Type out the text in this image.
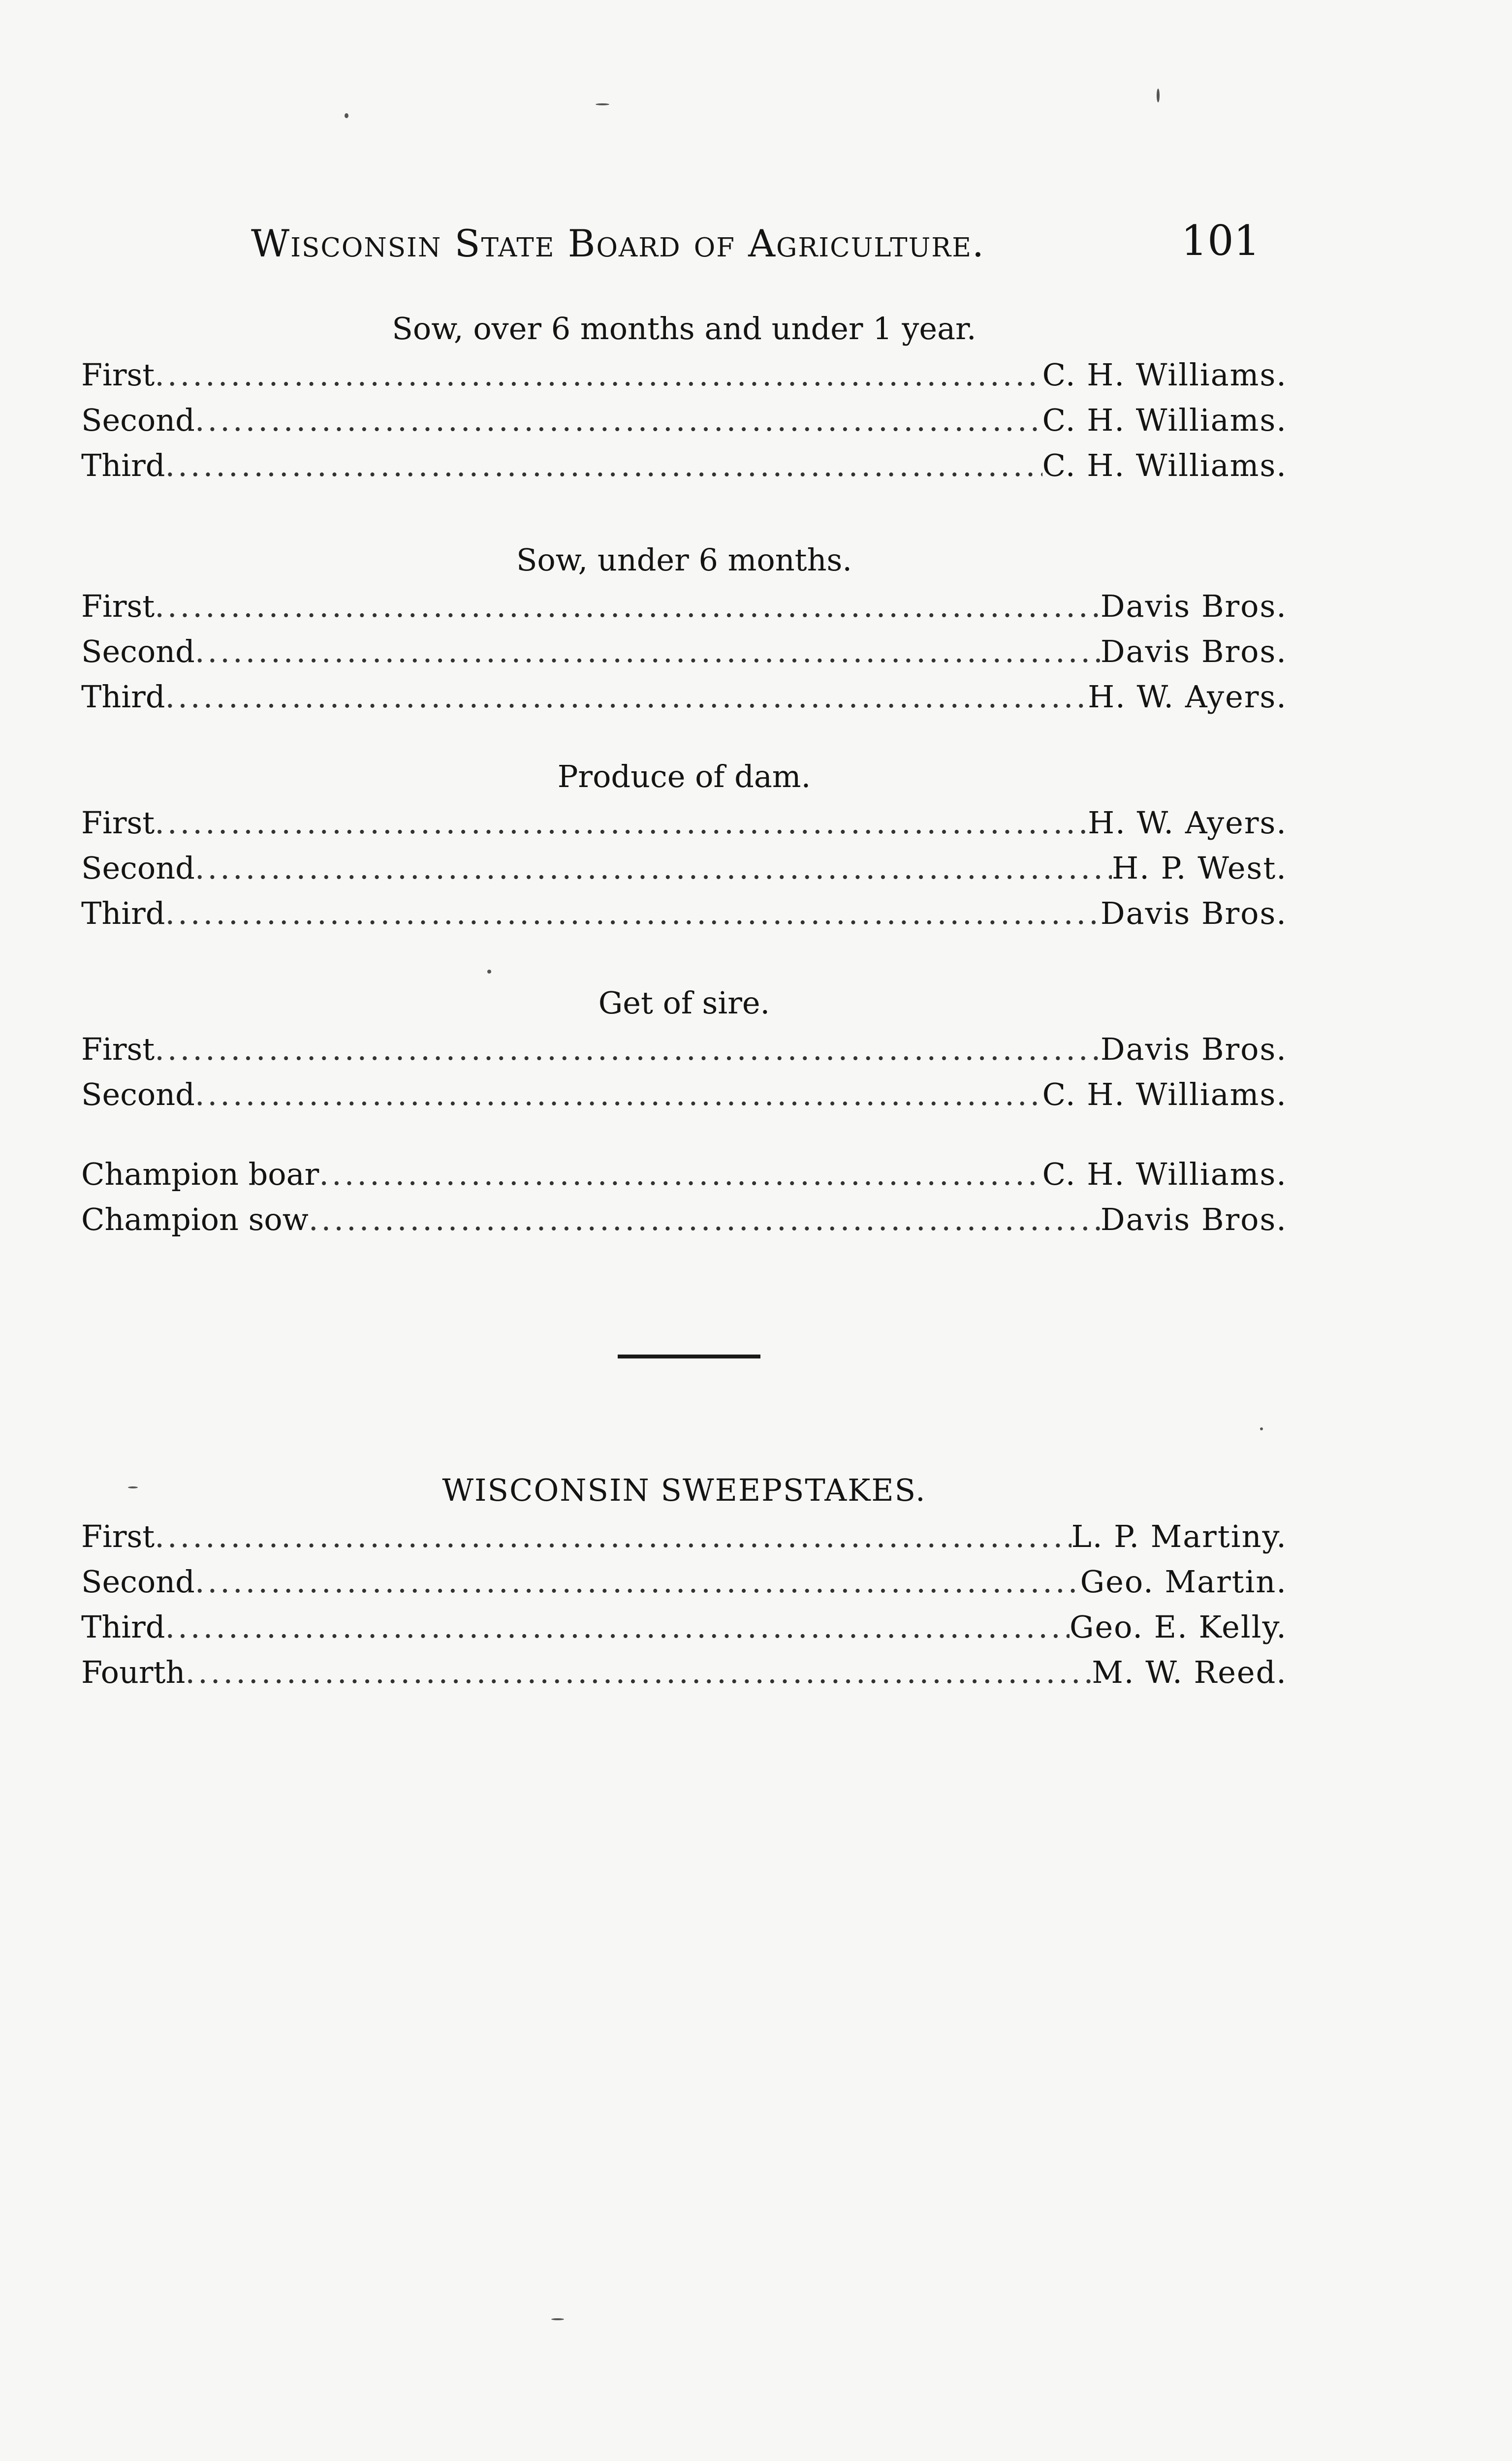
Wisconsin State Board of Agriculture.	101
Sow, over 6 months and under 1 year.
First .....	C. H. Williams.
Second .....	C. H. Williams.
Third .....	C. H. Williams.
Sow, under 6 months.
First .....	Davis Bros.
Second .....	Davis Bros.
Third .....	H. W. Ayers.
Produce of dam.
First .....	H. W. Ayers.
Second .....	H. P. West.
Third .....	Davis Bros.
Get of sire.
First .....	Davis Bros.
Second .....	C. H. Williams.
Champion boar .....	C. H. Williams.
Champion sow .....	Davis Bros.
WISCONSIN SWEEPSTAKES.
First .....	L. P. Martiny.
Second .....	Geo. Martin.
Third .....	Geo. E. Kelly.
Fourth .....	M. W. Reed.
